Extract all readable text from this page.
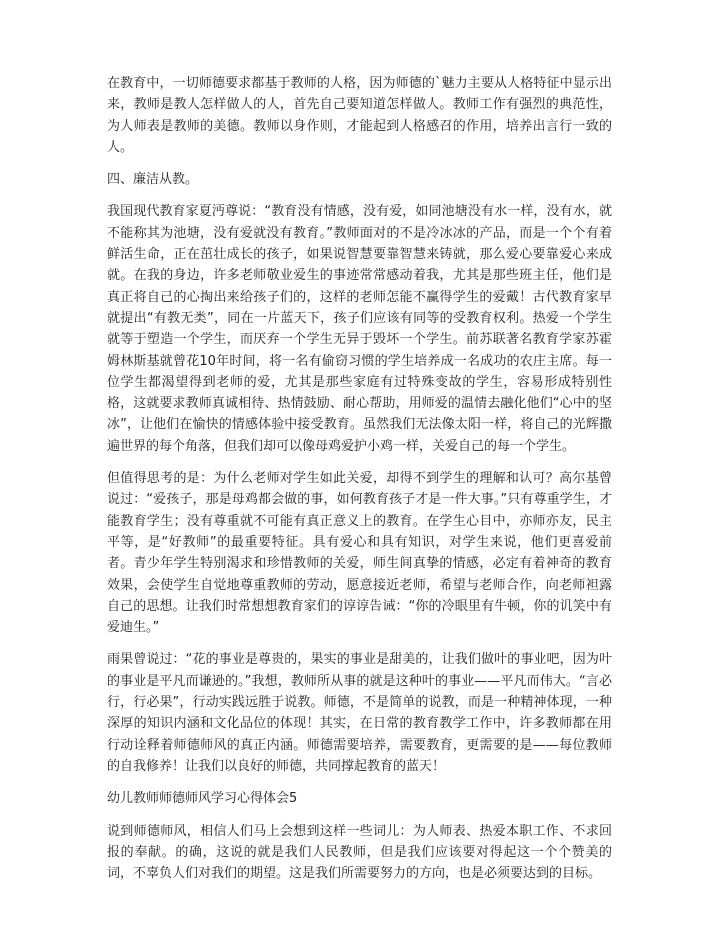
在教育中，一切师德要求都基于教师的人格，因为师德的`魅力主要从人格特征中显示出来，教师是教人怎样做人的人，首先自己要知道怎样做人。教师工作有强烈的典范性，为人师表是教师的美德。教师以身作则，才能起到人格感召的作用，培养出言行一致的人。

四、廉洁从教。

我国现代教育家夏沔尊说：“教育没有情感，没有爱，如同池塘没有水一样，没有水，就不能称其为池塘，没有爱就没有教育。”教师面对的不是冷冰冰的产品，而是一个个有着鲜活生命，正在茁壮成长的孩子，如果说智慧要靠智慧来铸就，那么爱心要靠爱心来成就。在我的身边，许多老师敬业爱生的事迹常常感动着我，尤其是那些班主任，他们是真正将自己的心掏出来给孩子们的，这样的老师怎能不赢得学生的爱戴！古代教育家早就提出“有教无类”，同在一片蓝天下，孩子们应该有同等的受教育权利。热爱一个学生就等于塑造一个学生，而厌弃一个学生无异于毁坏一个学生。前苏联著名教育学家苏霍姆林斯基就曾花10年时间，将一名有偷窃习惯的学生培养成一名成功的农庄主席。每一位学生都渴望得到老师的爱，尤其是那些家庭有过特殊变故的学生，容易形成特别性格，这就要求教师真诚相待、热情鼓励、耐心帮助，用师爱的温情去融化他们“心中的坚冰”，让他们在愉快的情感体验中接受教育。虽然我们无法像太阳一样，将自己的光辉撒遍世界的每个角落，但我们却可以像母鸡爱护小鸡一样，关爱自己的每一个学生。

但值得思考的是：为什么老师对学生如此关爱，却得不到学生的理解和认可？高尔基曾说过：“爱孩子，那是母鸡都会做的事，如何教育孩子才是一件大事。”只有尊重学生，才能教育学生；没有尊重就不可能有真正意义上的教育。在学生心目中，亦师亦友，民主平等，是“好教师”的最重要特征。具有爱心和具有知识，对学生来说，他们更喜爱前者。青少年学生特别渴求和珍惜教师的关爱，师生间真挚的情感，必定有着神奇的教育效果，会使学生自觉地尊重教师的劳动，愿意接近老师，希望与老师合作，向老师袒露自己的思想。让我们时常想想教育家们的谆谆告诫：“你的冷眼里有牛顿，你的讥笑中有爱迪生。”

雨果曾说过：“花的事业是尊贵的，果实的事业是甜美的，让我们做叶的事业吧，因为叶的事业是平凡而谦逊的。”我想，教师所从事的就是这种叶的事业——平凡而伟大。“言必行，行必果”，行动实践远胜于说教。师德，不是简单的说教，而是一种精神体现，一种深厚的知识内涵和文化品位的体现！其实，在日常的教育教学工作中，许多教师都在用行动诠释着师德师风的真正内涵。师德需要培养，需要教育，更需要的是——每位教师的自我修养！让我们以良好的师德，共同撑起教育的蓝天！

幼儿教师师德师风学习心得体会5

说到师德师风，相信人们马上会想到这样一些词儿：为人师表、热爱本职工作、不求回报的奉献。的确，这说的就是我们人民教师，但是我们应该要对得起这一个个赞美的词，不辜负人们对我们的期望。这是我们所需要努力的方向，也是必须要达到的目标。
